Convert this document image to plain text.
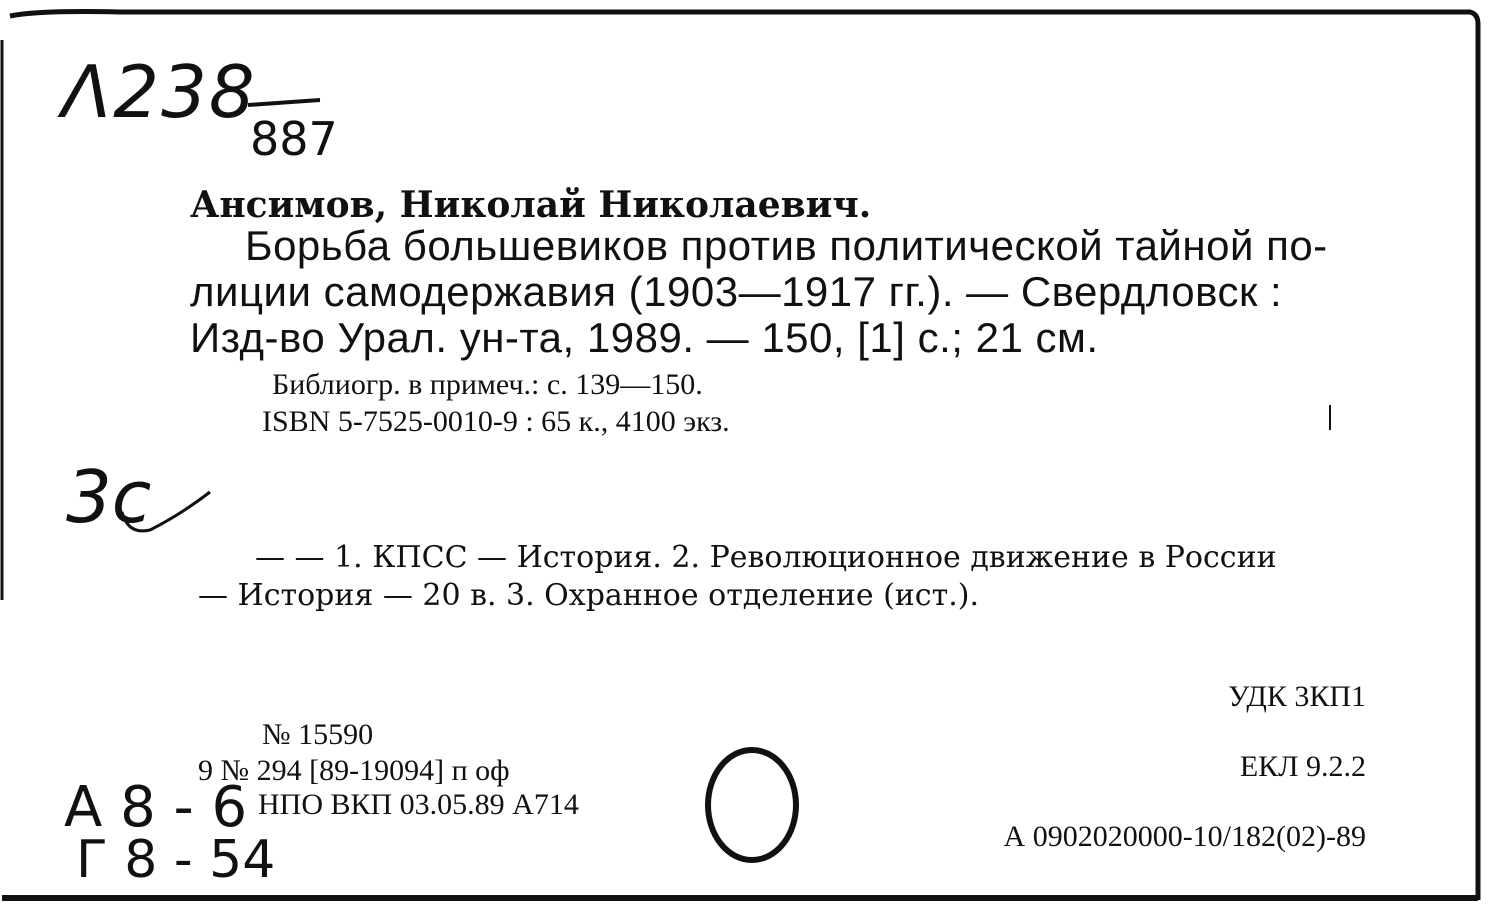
Λ238
887
3с
А 8 - 6
Г 8 - 54
Ансимов, Николай Николаевич.
Борьба большевиков против политической тайной по-
лиции самодержавия (1903—1917 гг.). — Свердловск :
Изд-во Урал. ун-та, 1989. — 150, [1] с.; 21 см.
Библиогр. в примеч.: с. 139—150.
ISBN 5-7525-0010-9 : 65 к., 4100 экз.
— — 1. КПСС — История. 2. Революционное движение в России
— История — 20 в. 3. Охранное отделение (ист.).
№ 15590
9 № 294 [89-19094] п оф
НПО ВКП 03.05.89 А714
УДК 3КП1
ЕКЛ 9.2.2
А 0902020000-10/182(02)-89
